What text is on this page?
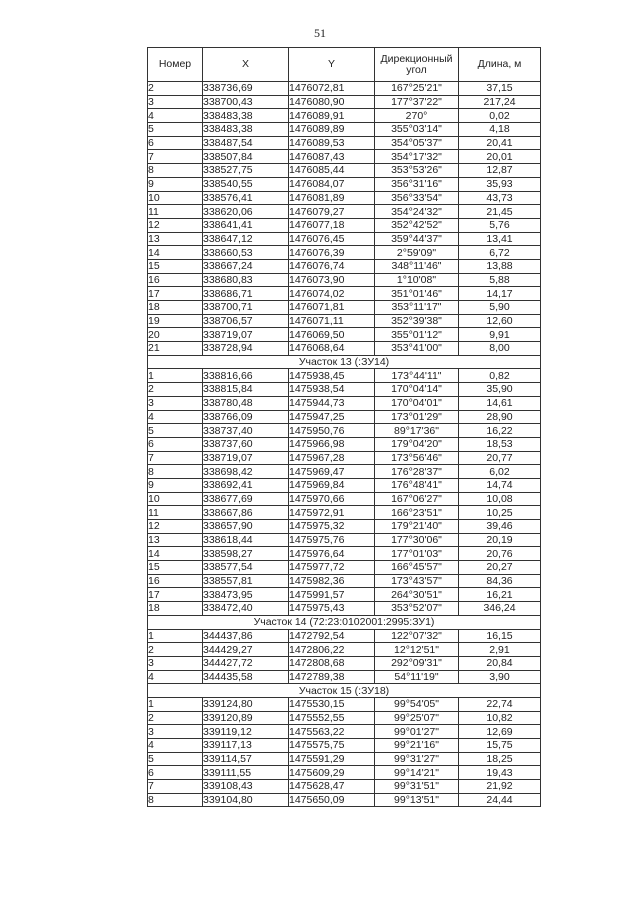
51
Номер	X	Y	Дирекционный угол	Длина, м
2	338736,69	1476072,81	167°25'21"	37,15
3	338700,43	1476080,90	177°37'22"	217,24
4	338483,38	1476089,91	270°	0,02
5	338483,38	1476089,89	355°03'14"	4,18
6	338487,54	1476089,53	354°05'37"	20,41
7	338507,84	1476087,43	354°17'32"	20,01
8	338527,75	1476085,44	353°53'26"	12,87
9	338540,55	1476084,07	356°31'16"	35,93
10	338576,41	1476081,89	356°33'54"	43,73
11	338620,06	1476079,27	354°24'32"	21,45
12	338641,41	1476077,18	352°42'52"	5,76
13	338647,12	1476076,45	359°44'37"	13,41
14	338660,53	1476076,39	2°59'09"	6,72
15	338667,24	1476076,74	348°11'46"	13,88
16	338680,83	1476073,90	1°10'08"	5,88
17	338686,71	1476074,02	351°01'46"	14,17
18	338700,71	1476071,81	353°11'17"	5,90
19	338706,57	1476071,11	352°39'38"	12,60
20	338719,07	1476069,50	355°01'12"	9,91
21	338728,94	1476068,64	353°41'00"	8,00
Участок 13 (:ЗУ14)				
1	338816,66	1475938,45	173°44'11"	0,82
2	338815,84	1475938,54	170°04'14"	35,90
3	338780,48	1475944,73	170°04'01"	14,61
4	338766,09	1475947,25	173°01'29"	28,90
5	338737,40	1475950,76	89°17'36"	16,22
6	338737,60	1475966,98	179°04'20"	18,53
7	338719,07	1475967,28	173°56'46"	20,77
8	338698,42	1475969,47	176°28'37"	6,02
9	338692,41	1475969,84	176°48'41"	14,74
10	338677,69	1475970,66	167°06'27"	10,08
11	338667,86	1475972,91	166°23'51"	10,25
12	338657,90	1475975,32	179°21'40"	39,46
13	338618,44	1475975,76	177°30'06"	20,19
14	338598,27	1475976,64	177°01'03"	20,76
15	338577,54	1475977,72	166°45'57"	20,27
16	338557,81	1475982,36	173°43'57"	84,36
17	338473,95	1475991,57	264°30'51"	16,21
18	338472,40	1475975,43	353°52'07"	346,24
Участок 14 (72:23:0102001:2995:ЗУ1)				
1	344437,86	1472792,54	122°07'32"	16,15
2	344429,27	1472806,22	12°12'51"	2,91
3	344427,72	1472808,68	292°09'31"	20,84
4	344435,58	1472789,38	54°11'19"	3,90
Участок 15 (:ЗУ18)				
1	339124,80	1475530,15	99°54'05"	22,74
2	339120,89	1475552,55	99°25'07"	10,82
3	339119,12	1475563,22	99°01'27"	12,69
4	339117,13	1475575,75	99°21'16"	15,75
5	339114,57	1475591,29	99°31'27"	18,25
6	339111,55	1475609,29	99°14'21"	19,43
7	339108,43	1475628,47	99°31'51"	21,92
8	339104,80	1475650,09	99°13'51"	24,44
